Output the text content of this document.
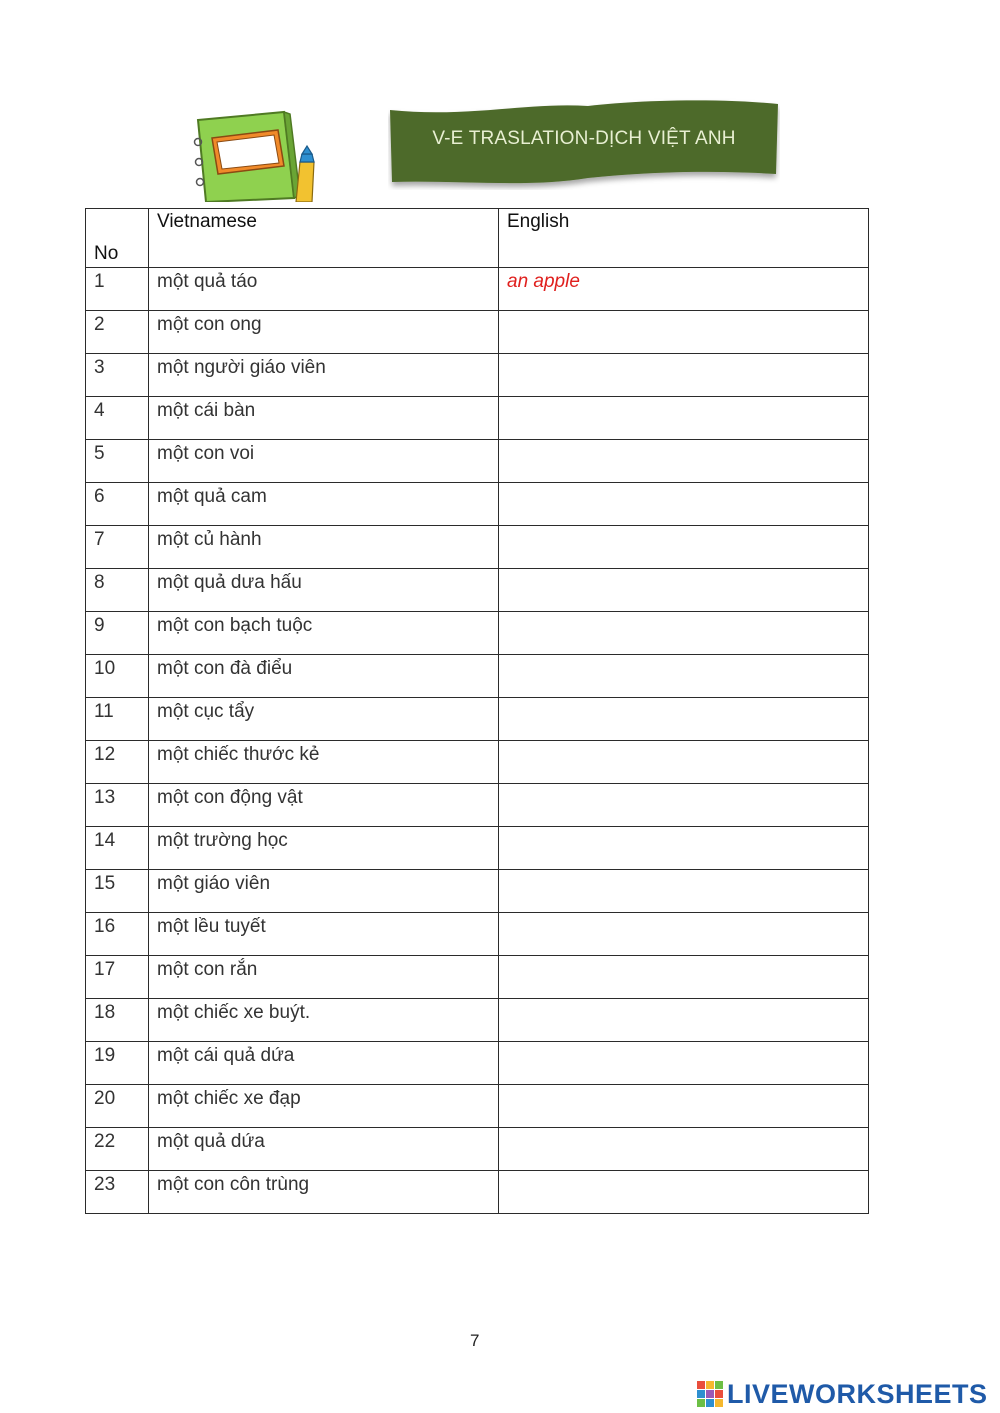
V-E TRASLATION-DỊCH VIỆT ANH
No	Vietnamese	English
1	một quả táo	an apple
2	một con ong	
3	một người giáo viên	
4	một cái bàn	
5	một con voi	
6	một quả cam	
7	một củ hành	
8	một quả dưa hấu	
9	một con bạch tuộc	
10	một con đà điểu	
11	một cục tẩy	
12	một chiếc thước kẻ	
13	một con động vật	
14	một trường học	
15	một giáo viên	
16	một lều tuyết	
17	một con rắn	
18	một chiếc xe buýt.	
19	một cái quả dứa	
20	một chiếc xe đạp	
22	một quả dứa	
23	một con côn trùng	
7
LIVEWORKSHEETS
